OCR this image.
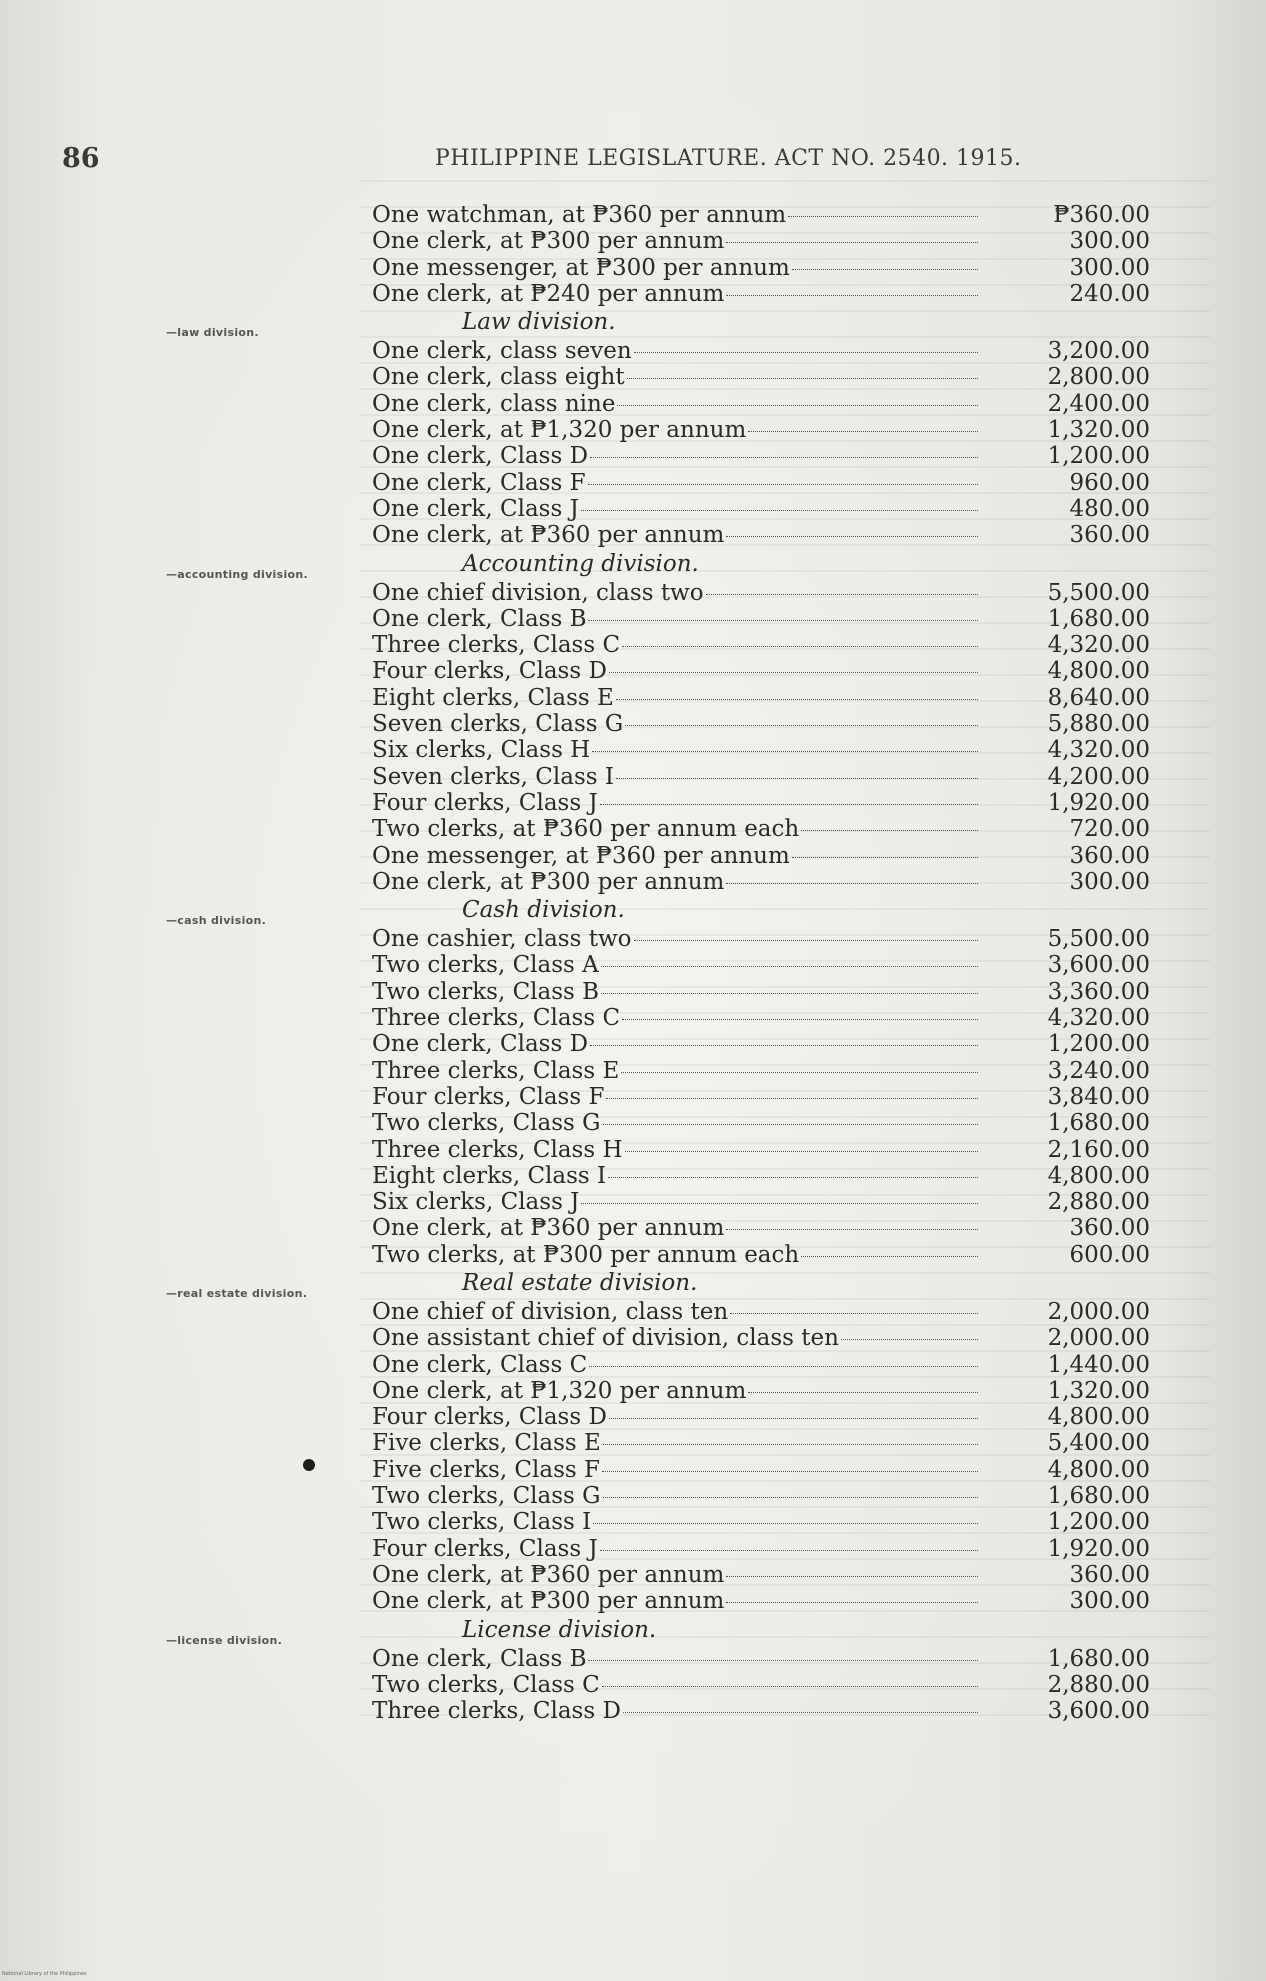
86	PHILIPPINE LEGISLATURE. ACT NO. 2540. 1915.
One watchman, at ₱360 per annum	₱360.00
One clerk, at ₱300 per annum	300.00
One messenger, at ₱300 per annum	300.00
One clerk, at ₱240 per annum	240.00
Law division.
—law division.
One clerk, class seven	3,200.00
One clerk, class eight	2,800.00
One clerk, class nine	2,400.00
One clerk, at ₱1,320 per annum	1,320.00
One clerk, Class D	1,200.00
One clerk, Class F	960.00
One clerk, Class J	480.00
One clerk, at ₱360 per annum	360.00
Accounting division.
—accounting division.
One chief division, class two	5,500.00
One clerk, Class B	1,680.00
Three clerks, Class C	4,320.00
Four clerks, Class D	4,800.00
Eight clerks, Class E	8,640.00
Seven clerks, Class G	5,880.00
Six clerks, Class H	4,320.00
Seven clerks, Class I	4,200.00
Four clerks, Class J	1,920.00
Two clerks, at ₱360 per annum each	720.00
One messenger, at ₱360 per annum	360.00
One clerk, at ₱300 per annum	300.00
Cash division.
—cash division.
One cashier, class two	5,500.00
Two clerks, Class A	3,600.00
Two clerks, Class B	3,360.00
Three clerks, Class C	4,320.00
One clerk, Class D	1,200.00
Three clerks, Class E	3,240.00
Four clerks, Class F	3,840.00
Two clerks, Class G	1,680.00
Three clerks, Class H	2,160.00
Eight clerks, Class I	4,800.00
Six clerks, Class J	2,880.00
One clerk, at ₱360 per annum	360.00
Two clerks, at ₱300 per annum each	600.00
Real estate division.
—real estate division.
One chief of division, class ten	2,000.00
One assistant chief of division, class ten	2,000.00
One clerk, Class C	1,440.00
One clerk, at ₱1,320 per annum	1,320.00
Four clerks, Class D	4,800.00
Five clerks, Class E	5,400.00
Five clerks, Class F	4,800.00
Two clerks, Class G	1,680.00
Two clerks, Class I	1,200.00
Four clerks, Class J	1,920.00
One clerk, at ₱360 per annum	360.00
One clerk, at ₱300 per annum	300.00
License division.
—license division.
One clerk, Class B	1,680.00
Two clerks, Class C	2,880.00
Three clerks, Class D	3,600.00
National Library of the Philippines
